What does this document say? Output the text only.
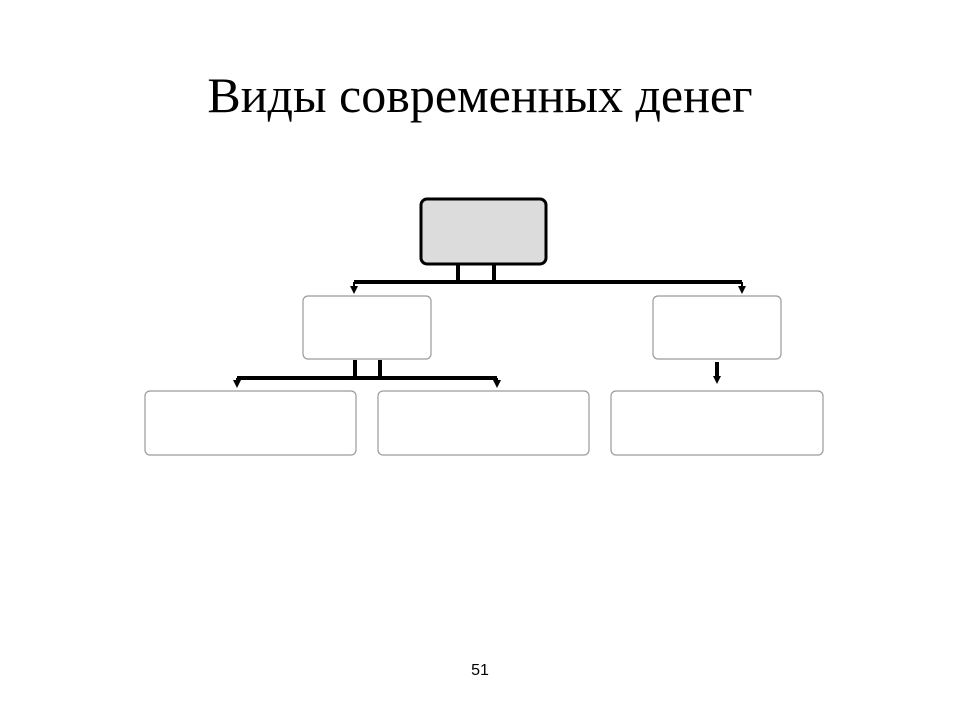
Виды современных денег
51
